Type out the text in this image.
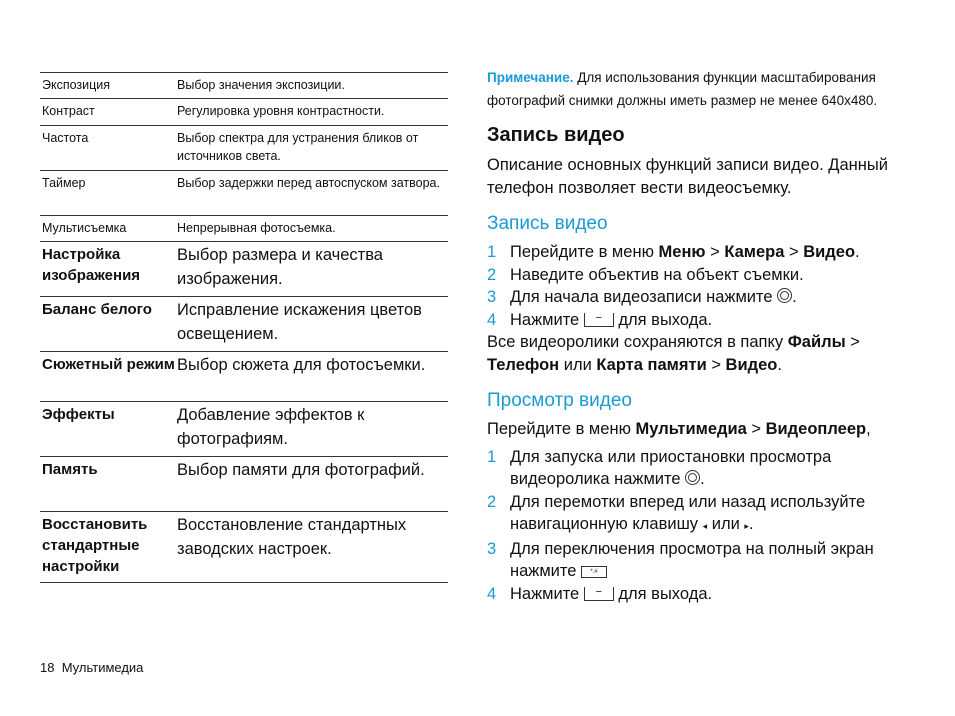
Экспозиция	Выбор значения экспозиции.
Контраст	Регулировка уровня контрастности.
Частота	Выбор спектра для устранения бликов от источников света.
Таймер	Выбор задержки перед автоспуском затвора.
Мультисъемка	Непрерывная фотосъемка.
Настройка изображения	Выбор размера и качества изображения.
Баланс белого	Исправление искажения цветов освещением.
Сюжетный режим	Выбор сюжета для фотосъемки.
Эффекты	Добавление эффектов к фотографиям.
Память	Выбор памяти для фотографий.
Восстановить стандартные настройки	Восстановление стандартных заводских настроек.
Примечание. Для использования функции масштабирования фотографий снимки должны иметь размер не менее 640x480.
Запись видео
Описание основных функций записи видео. Данный телефон позволяет вести видеосъемку.
Запись видео
1 Перейдите в меню Меню > Камера > Видео.
2 Наведите объектив на объект съемки.
3 Для начала видеозаписи нажмите .
4 Нажмите − для выхода.
Все видеоролики сохраняются в папку Файлы > Телефон или Карта памяти > Видео.
Просмотр видео
Перейдите в меню Мультимедиа > Видеоплеер,
1 Для запуска или приостановки просмотра видеоролика нажмите .
2 Для перемотки вперед или назад используйте навигационную клавишу ◂ или ▸.
3 Для переключения просмотра на полный экран нажмите *.#
4 Нажмите − для выхода.
18 Мультимедиа
